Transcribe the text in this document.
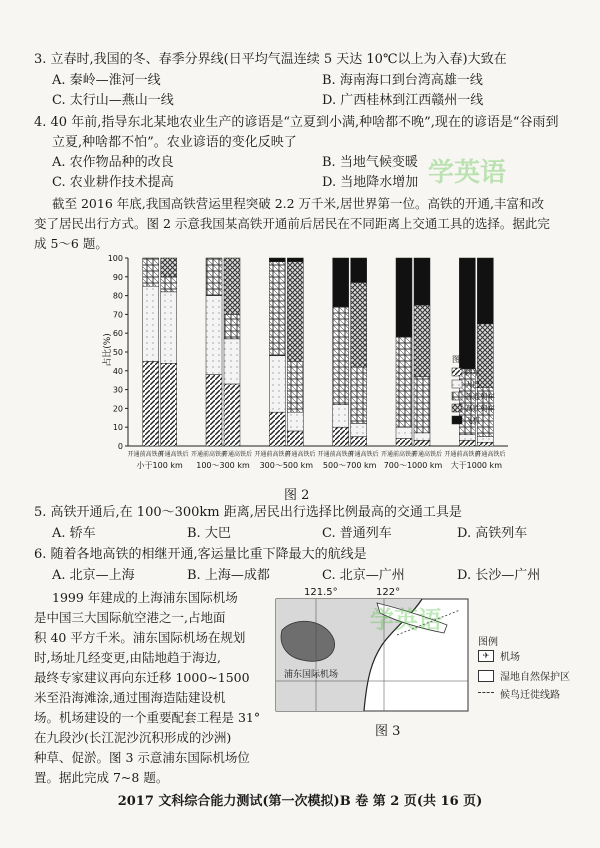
3. 立春时,我国的冬、春季分界线(日平均气温连续 5 天达 10℃以上为入春)大致在
A. 秦岭—淮河一线	B. 海南海口到台湾高雄一线
C. 太行山—燕山一线	D. 广西桂林到江西赣州一线
4. 40 年前,指导东北某地农业生产的谚语是“立夏到小满,种啥都不晚”,现在的谚语是“谷雨到
立夏,种啥都不怕”。农业谚语的变化反映了
A. 农作物品种的改良	B. 当地气候变暖
C. 农业耕作技术提高	D. 当地降水增加
截至 2016 年底,我国高铁营运里程突破 2.2 万千米,居世界第一位。高铁的开通,丰富和改
变了居民出行方式。图 2 示意我国某高铁开通前后居民在不同距离上交通工具的选择。据此完
成 5～6 题。
0
10
20
30
40
50
60
70
80
90
100
占比(%)
开通前高铁前
开通高铁后
小于100 km
开通前高铁前
开通高铁后
100～300 km
开通前高铁前
开通高铁后
300～500 km
开通前高铁前
开通高铁后
500～700 km
开通前高铁前
开通高铁后
700～1000 km
开通前高铁前
开通高铁后
大于1000 km
图例
轿车
大巴
普通列车
高铁列车
飞机
图 2
5. 高铁开通后,在 100～300km 距离,居民出行选择比例最高的交通工具是
A. 轿车	B. 大巴	C. 普通列车	D. 高铁列车
6. 随着各地高铁的相继开通,客运量比重下降最大的航线是
A. 北京—上海	B. 上海—成都	C. 北京—广州	D. 长沙—广州
1999 年建成的上海浦东国际机场
是中国三大国际航空港之一,占地面
积 40 平方千米。浦东国际机场在规划
时,场址几经变更,由陆地趋于海边,
最终专家建议再向东迁移 1000~1500
米至沿海滩涂,通过围海造陆建设机
场。机场建设的一个重要配套工程是 31°
在九段沙(长江泥沙沉积形成的沙洲)
种草、促淤。图 3 示意浦东国际机场位
置。据此完成 7~8 题。
121.5°	122°
浦东国际机场
图例
✈	机场
湿地自然保护区
候鸟迁徙线路
图 3
2017 文科综合能力测试(第一次模拟)B 卷 第 2 页(共 16 页)
学英语
学英语
